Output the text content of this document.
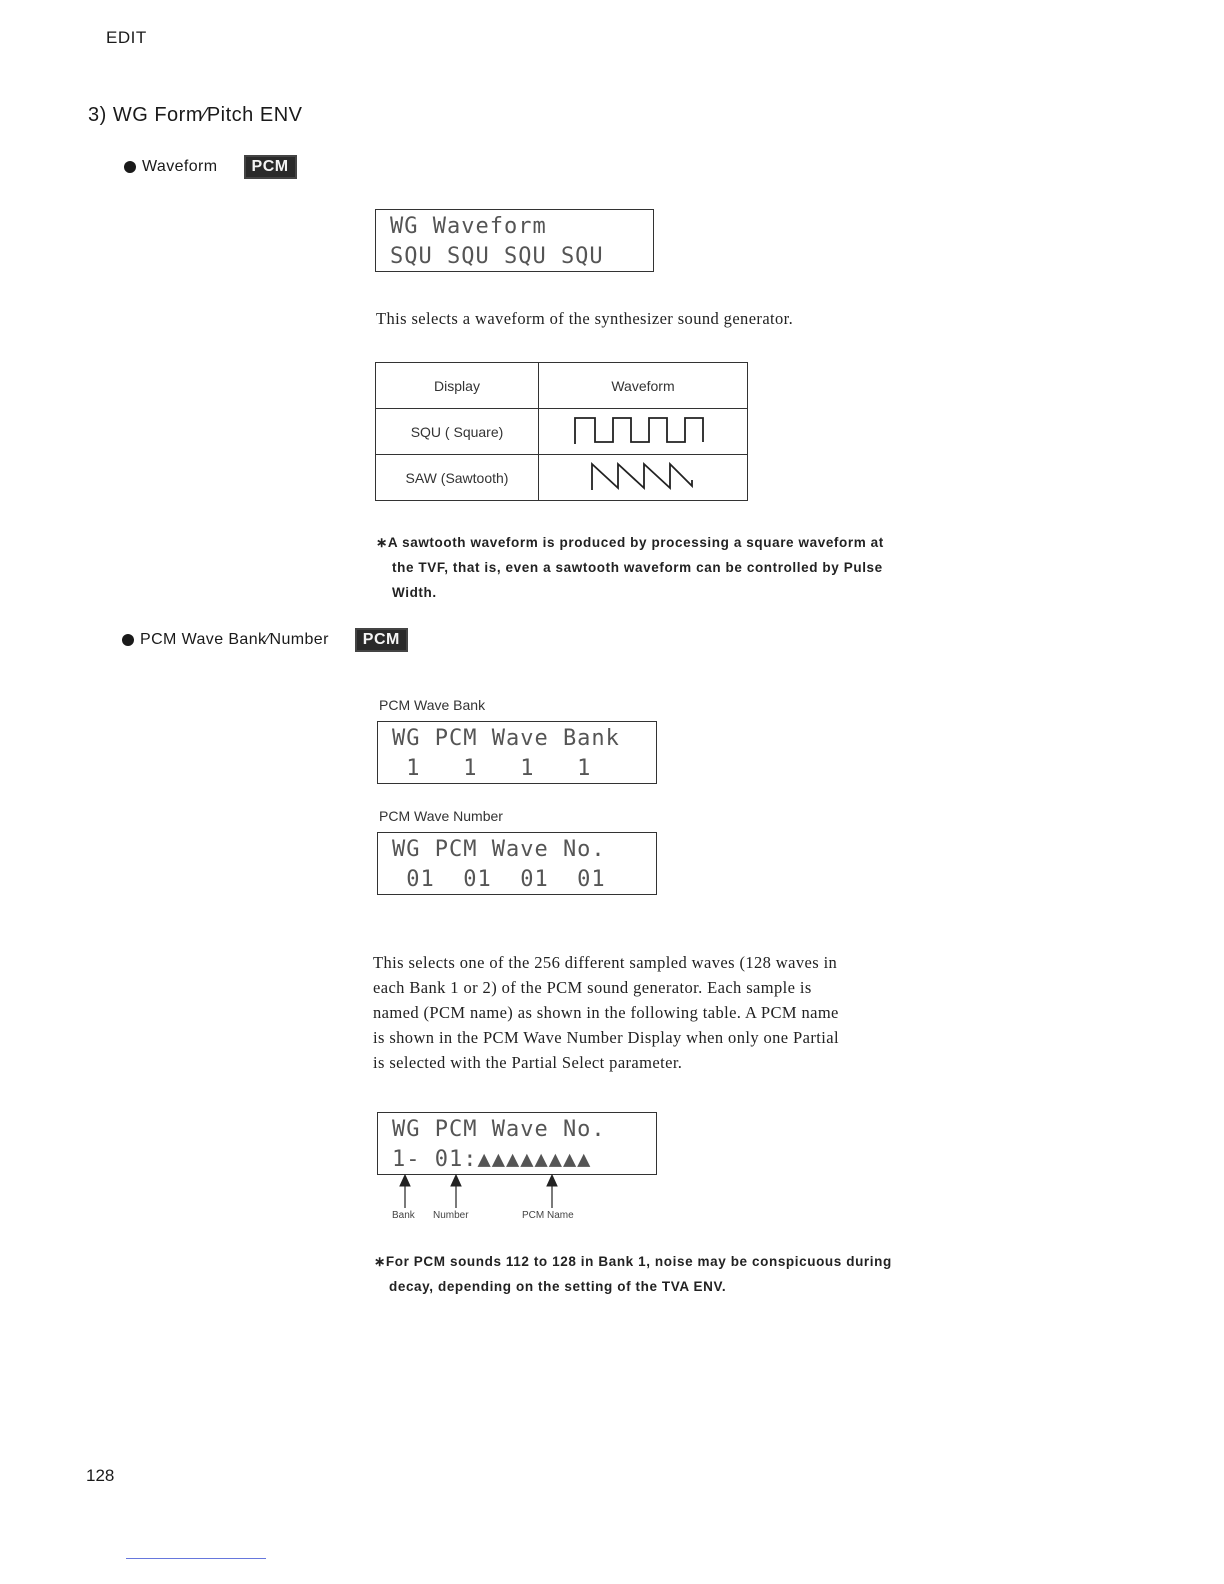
EDIT
3) WG Form∕Pitch ENV
Waveform	PCM
WG Waveform
SQU SQU SQU SQU
This selects a waveform of the synthesizer sound generator.
Display	Waveform
SQU ( Square)	
SAW (Sawtooth)	
∗A sawtooth waveform is produced by processing a square waveform at
the TVF, that is, even a sawtooth waveform can be controlled by Pulse
Width.
PCM Wave Bank∕Number	PCM
PCM Wave Bank
WG PCM Wave Bank
1   1   1   1
PCM Wave Number
WG PCM Wave No.
01  01  01  01
This selects one of the 256 different sampled waves (128 waves in
each Bank 1 or 2) of the PCM sound generator. Each sample is
named (PCM name) as shown in the following table. A PCM name
is shown in the PCM Wave Number Display when only one Partial
is selected with the Partial Select parameter.
WG PCM Wave No.
1- 01:▲▲▲▲▲▲▲▲
Bank Number	PCM Name
∗For PCM sounds 112 to 128 in Bank 1, noise may be conspicuous during
decay, depending on the setting of the TVA ENV.
128
